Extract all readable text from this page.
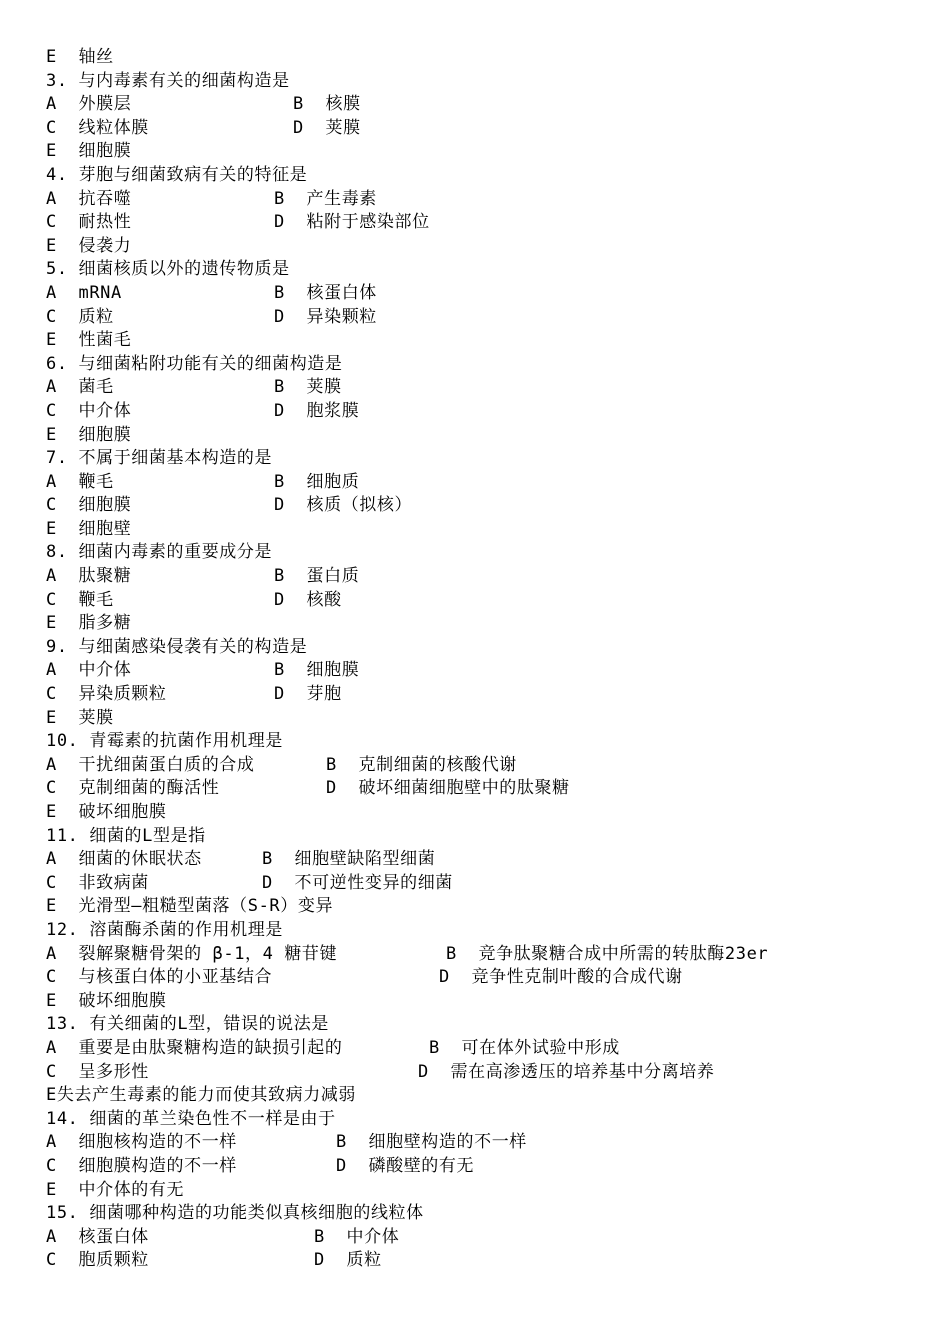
E  轴丝
3. 与内毒素有关的细菌构造是
A  外膜层	B  核膜
C  线粒体膜	D  荚膜
E  细胞膜
4. 芽胞与细菌致病有关的特征是
A  抗吞噬	B  产生毒素
C  耐热性	D  粘附于感染部位
E  侵袭力
5. 细菌核质以外的遗传物质是
A  mRNA	B  核蛋白体
C  质粒	D  异染颗粒
E  性菌毛
6. 与细菌粘附功能有关的细菌构造是
A  菌毛	B  荚膜
C  中介体	D  胞浆膜
E  细胞膜
7. 不属于细菌基本构造的是
A  鞭毛	B  细胞质
C  细胞膜	D  核质（拟核）
E  细胞壁
8. 细菌内毒素的重要成分是
A  肽聚糖	B  蛋白质
C  鞭毛	D  核酸
E  脂多糖
9. 与细菌感染侵袭有关的构造是
A  中介体	B  细胞膜
C  异染质颗粒	D  芽胞
E  荚膜
10. 青霉素的抗菌作用机理是
A  干扰细菌蛋白质的合成	B  克制细菌的核酸代谢
C  克制细菌的酶活性	D  破坏细菌细胞壁中的肽聚糖
E  破坏细胞膜
11. 细菌的L型是指
A  细菌的休眠状态	B  细胞壁缺陷型细菌
C  非致病菌	D  不可逆性变异的细菌
E  光滑型—粗糙型菌落（S-R）变异
12. 溶菌酶杀菌的作用机理是
A  裂解聚糖骨架的 β-1，4 糖苷键	B  竞争肽聚糖合成中所需的转肽酶23er
C  与核蛋白体的小亚基结合	D  竞争性克制叶酸的合成代谢
E  破坏细胞膜
13. 有关细菌的L型，错误的说法是
A  重要是由肽聚糖构造的缺损引起的	B  可在体外试验中形成
C  呈多形性	D  需在高渗透压的培养基中分离培养
E失去产生毒素的能力而使其致病力减弱
14. 细菌的革兰染色性不一样是由于
A  细胞核构造的不一样	B  细胞壁构造的不一样
C  细胞膜构造的不一样	D  磷酸壁的有无
E  中介体的有无
15. 细菌哪种构造的功能类似真核细胞的线粒体
A  核蛋白体	B  中介体
C  胞质颗粒	D  质粒
